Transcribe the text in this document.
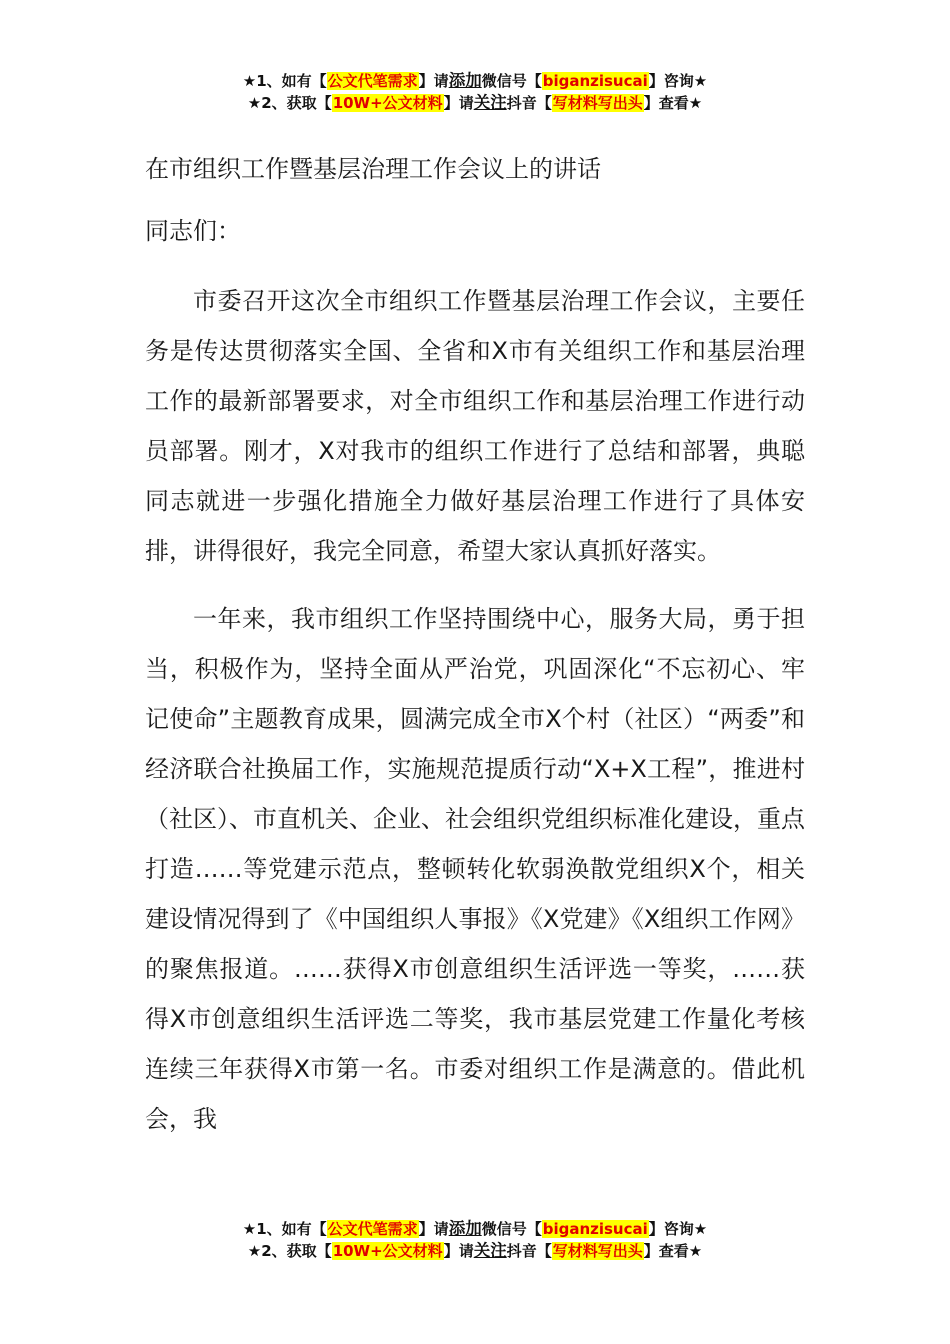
★1、如有【公文代笔需求】请添加微信号【biganzisucai】咨询★
★2、获取【10W+公文材料】请关注抖音【写材料写出头】查看★

在市组织工作暨基层治理工作会议上的讲话

同志们：

市委召开这次全市组织工作暨基层治理工作会议，主要任务是传达贯彻落实全国、全省和X市有关组织工作和基层治理工作的最新部署要求，对全市组织工作和基层治理工作进行动员部署。刚才，X对我市的组织工作进行了总结和部署，典聪同志就进一步强化措施全力做好基层治理工作进行了具体安排，讲得很好，我完全同意，希望大家认真抓好落实。

一年来，我市组织工作坚持围绕中心，服务大局，勇于担当，积极作为，坚持全面从严治党，巩固深化“不忘初心、牢记使命”主题教育成果，圆满完成全市X个村（社区）“两委”和经济联合社换届工作，实施规范提质行动“X+X工程”，推进村（社区）、市直机关、企业、社会组织党组织标准化建设，重点打造……等党建示范点，整顿转化软弱涣散党组织X个，相关建设情况得到了《中国组织人事报》《X党建》《X组织工作网》的聚焦报道。……获得X市创意组织生活评选一等奖，……获得X市创意组织生活评选二等奖，我市基层党建工作量化考核连续三年获得X市第一名。市委对组织工作是满意的。借此机会，我

★1、如有【公文代笔需求】请添加微信号【biganzisucai】咨询★
★2、获取【10W+公文材料】请关注抖音【写材料写出头】查看★
